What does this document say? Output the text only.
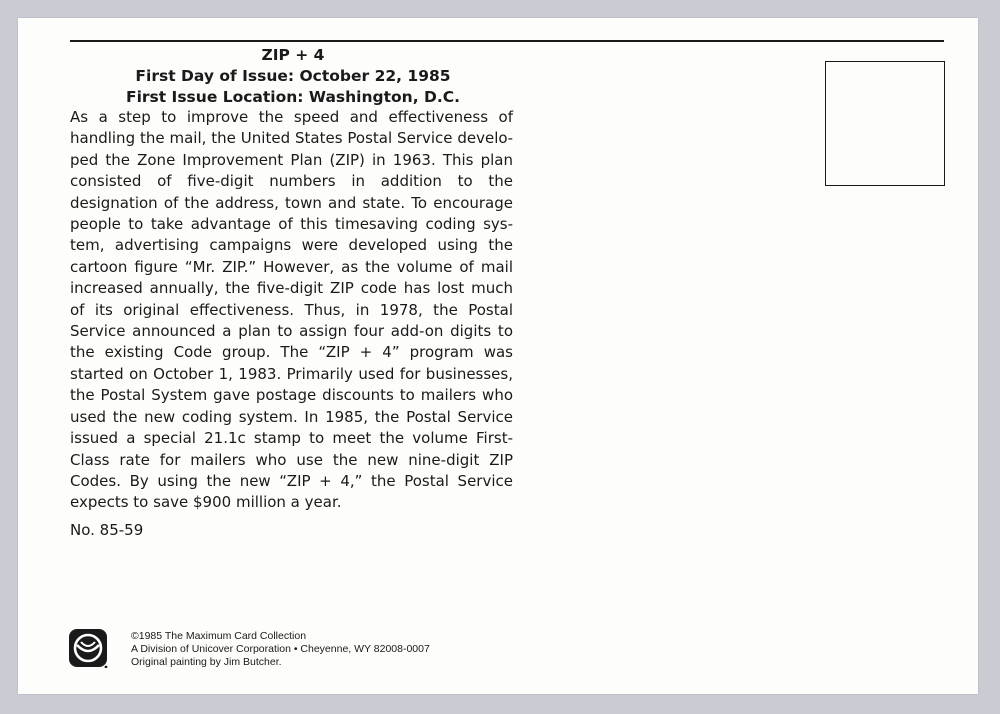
ZIP + 4
First Day of Issue: October 22, 1985
First Issue Location: Washington, D.C.
As a step to improve the speed and effectiveness of handling the mail, the United States Postal Service developed the Zone Improvement Plan (ZIP) in 1963. This plan consisted of five-digit numbers in addition to the designation of the address, town and state. To encourage people to take advantage of this timesaving coding system, advertising campaigns were developed using the cartoon figure “Mr. ZIP.” However, as the volume of mail increased annually, the five-digit ZIP code has lost much of its original effectiveness. Thus, in 1978, the Postal Service announced a plan to assign four add-on digits to the existing Code group. The “ZIP + 4” program was started on October 1, 1983. Primarily used for businesses, the Postal System gave postage discounts to mailers who used the new coding system. In 1985, the Postal Service issued a special 21.1c stamp to meet the volume First-Class rate for mailers who use the new nine-digit ZIP Codes. By using the new “ZIP + 4,” the Postal Service expects to save $900 million a year.
No. 85-59
©1985 The Maximum Card Collection
A Division of Unicover Corporation • Cheyenne, WY 82008-0007
Original painting by Jim Butcher.
